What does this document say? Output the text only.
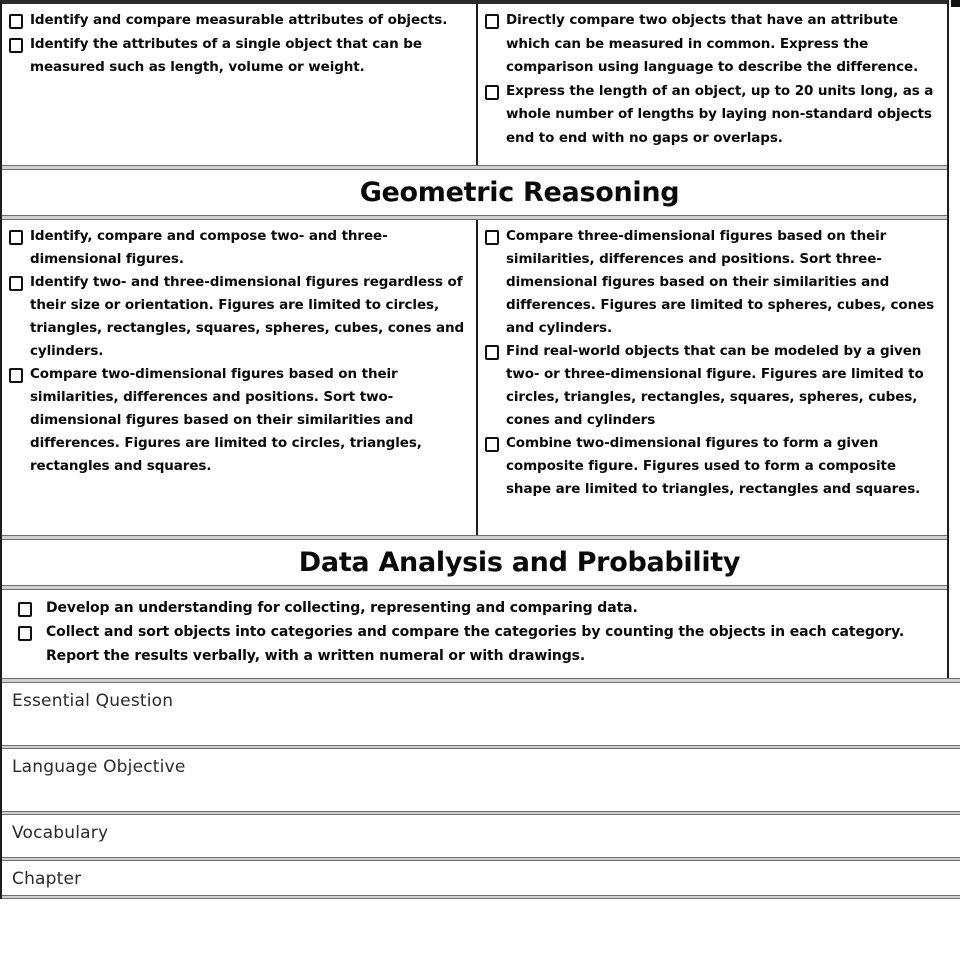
Identify and compare measurable attributes of objects.
Identify the attributes of a single object that can be measured such as length, volume or weight.
Directly compare two objects that have an attribute which can be measured in common. Express the comparison using language to describe the difference.
Express the length of an object, up to 20 units long, as a whole number of lengths by laying non-standard objects end to end with no gaps or overlaps.
Geometric Reasoning
Identify, compare and compose two- and three-dimensional figures.
Identify two- and three-dimensional figures regardless of their size or orientation. Figures are limited to circles, triangles, rectangles, squares, spheres, cubes, cones and cylinders.
Compare two-dimensional figures based on their similarities, differences and positions. Sort two-dimensional figures based on their similarities and differences. Figures are limited to circles, triangles, rectangles and squares.
Compare three-dimensional figures based on their similarities, differences and positions. Sort three-dimensional figures based on their similarities and differences. Figures are limited to spheres, cubes, cones and cylinders.
Find real-world objects that can be modeled by a given two- or three-dimensional figure. Figures are limited to circles, triangles, rectangles, squares, spheres, cubes, cones and cylinders
Combine two-dimensional figures to form a given composite figure. Figures used to form a composite shape are limited to triangles, rectangles and squares.
Data Analysis and Probability
Develop an understanding for collecting, representing and comparing data.
Collect and sort objects into categories and compare the categories by counting the objects in each category. Report the results verbally, with a written numeral or with drawings.
Essential Question
Language Objective
Vocabulary
Chapter
